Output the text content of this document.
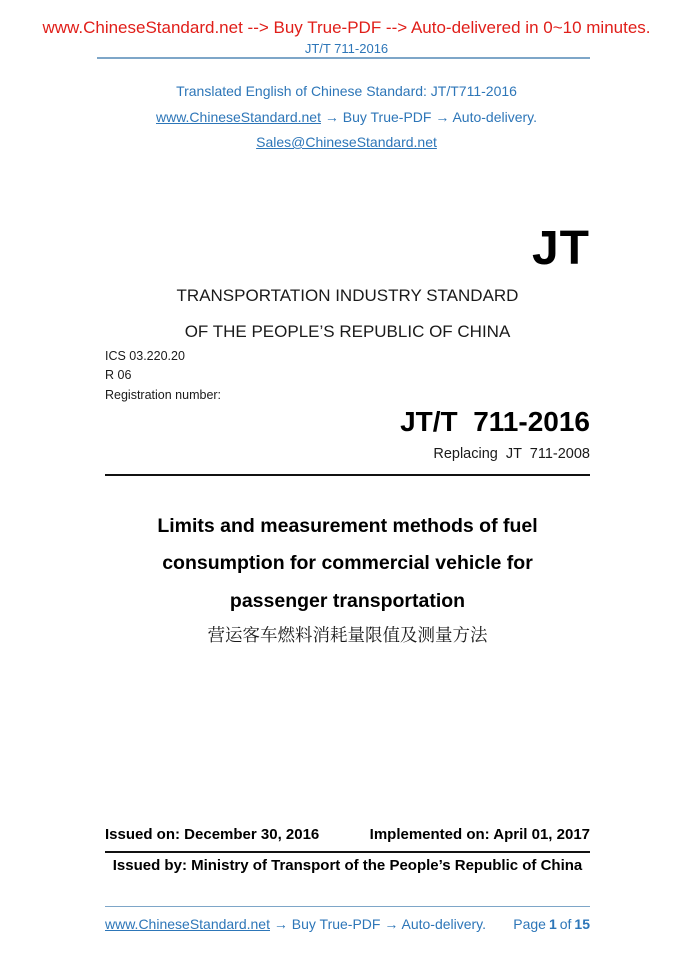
www.ChineseStandard.net --> Buy True-PDF --> Auto-delivered in 0~10 minutes.
JT/T 711-2016
Translated English of Chinese Standard: JT/T711-2016
www.ChineseStandard.net → Buy True-PDF → Auto-delivery.
Sales@ChineseStandard.net
JT
TRANSPORTATION INDUSTRY STANDARD
OF THE PEOPLE’S REPUBLIC OF CHINA
ICS 03.220.20
R 06
Registration number:
JT/T  711-2016
Replacing  JT  711-2008
Limits and measurement methods of fuel
consumption for commercial vehicle for
passenger transportation
营运客车燃料消耗量限值及测量方法
Issued on: December 30, 2016	Implemented on: April 01, 2017
Issued by: Ministry of Transport of the People’s Republic of China
www.ChineseStandard.net → Buy True-PDF → Auto-delivery. Page 1 of 15
